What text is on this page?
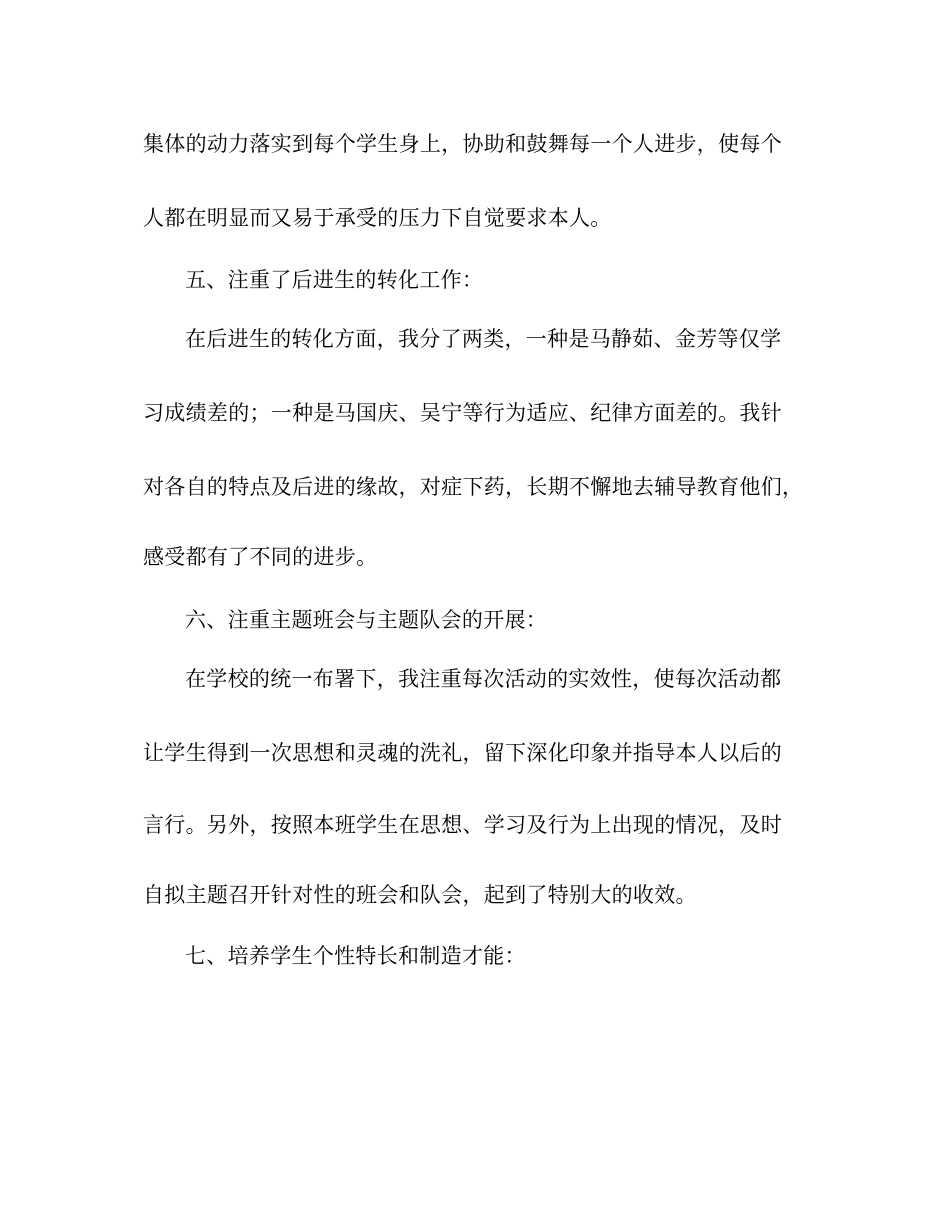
集体的动力落实到每个学生身上，协助和鼓舞每一个人进步，使每个
人都在明显而又易于承受的压力下自觉要求本人。
五、注重了后进生的转化工作：
在后进生的转化方面，我分了两类，一种是马静茹、金芳等仅学
习成绩差的；一种是马国庆、吴宁等行为适应、纪律方面差的。我针
对各自的特点及后进的缘故，对症下药，长期不懈地去辅导教育他们，
感受都有了不同的进步。
六、注重主题班会与主题队会的开展：
在学校的统一布署下，我注重每次活动的实效性，使每次活动都
让学生得到一次思想和灵魂的洗礼，留下深化印象并指导本人以后的
言行。另外，按照本班学生在思想、学习及行为上出现的情况，及时
自拟主题召开针对性的班会和队会，起到了特别大的收效。
七、培养学生个性特长和制造才能：
